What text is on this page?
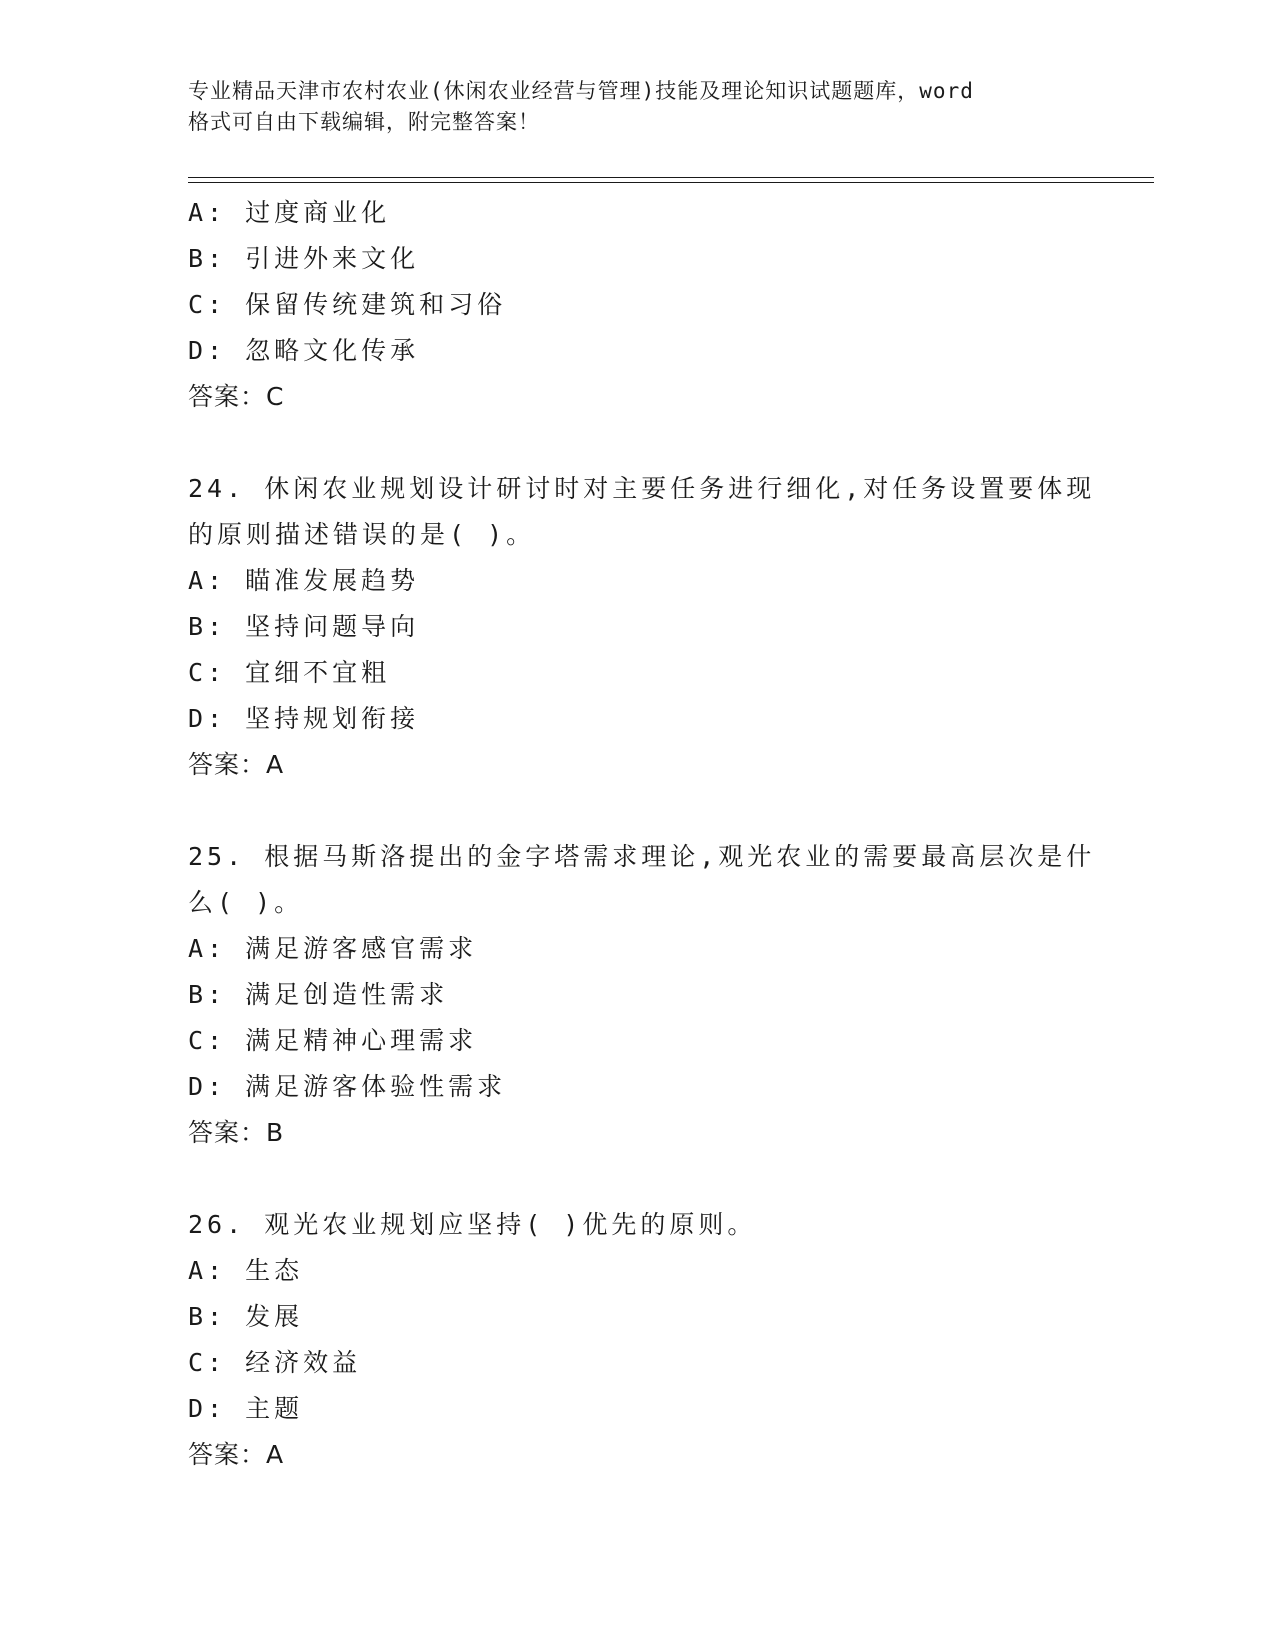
专业精品天津市农村农业(休闲农业经营与管理)技能及理论知识试题题库，word
格式可自由下载编辑，附完整答案！
A: 过度商业化
B: 引进外来文化
C: 保留传统建筑和习俗
D: 忽略文化传承
答案：C
24. 休闲农业规划设计研讨时对主要任务进行细化,对任务设置要体现
的原则描述错误的是( )。
A: 瞄准发展趋势
B: 坚持问题导向
C: 宜细不宜粗
D: 坚持规划衔接
答案：A
25. 根据马斯洛提出的金字塔需求理论,观光农业的需要最高层次是什
么( )。
A: 满足游客感官需求
B: 满足创造性需求
C: 满足精神心理需求
D: 满足游客体验性需求
答案：B
26. 观光农业规划应坚持( )优先的原则。
A: 生态
B: 发展
C: 经济效益
D: 主题
答案：A
